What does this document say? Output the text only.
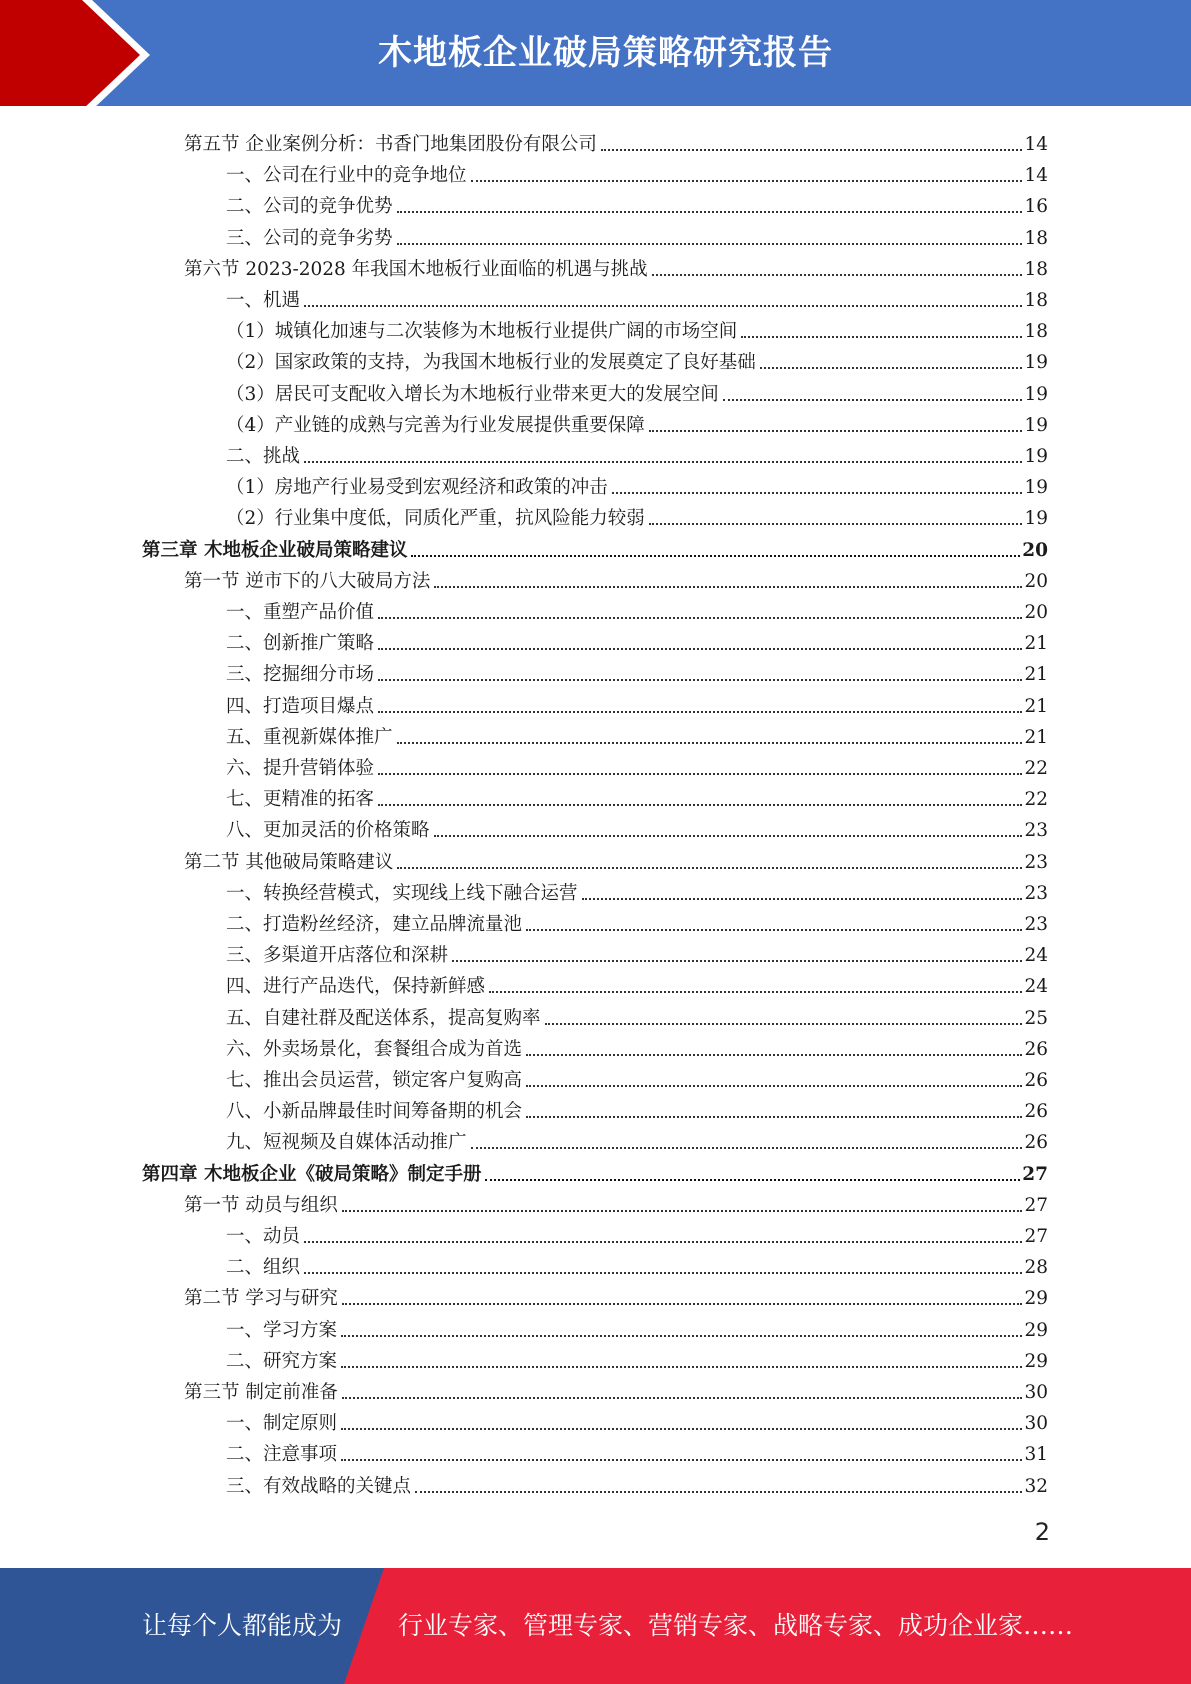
木地板企业破局策略研究报告
第五节 企业案例分析：书香门地集团股份有限公司	14
一、公司在行业中的竞争地位	14
二、公司的竞争优势	16
三、公司的竞争劣势	18
第六节 2023-2028 年我国木地板行业面临的机遇与挑战	18
一、机遇	18
（1）城镇化加速与二次装修为木地板行业提供广阔的市场空间	18
（2）国家政策的支持，为我国木地板行业的发展奠定了良好基础	19
（3）居民可支配收入增长为木地板行业带来更大的发展空间	19
（4）产业链的成熟与完善为行业发展提供重要保障	19
二、挑战	19
（1）房地产行业易受到宏观经济和政策的冲击	19
（2）行业集中度低，同质化严重，抗风险能力较弱	19
第三章 木地板企业破局策略建议	20
第一节 逆市下的八大破局方法	20
一、重塑产品价值	20
二、创新推广策略	21
三、挖掘细分市场	21
四、打造项目爆点	21
五、重视新媒体推广	21
六、提升营销体验	22
七、更精准的拓客	22
八、更加灵活的价格策略	23
第二节 其他破局策略建议	23
一、转换经营模式，实现线上线下融合运营	23
二、打造粉丝经济，建立品牌流量池	23
三、多渠道开店落位和深耕	24
四、进行产品迭代，保持新鲜感	24
五、自建社群及配送体系，提高复购率	25
六、外卖场景化，套餐组合成为首选	26
七、推出会员运营，锁定客户复购高	26
八、小新品牌最佳时间筹备期的机会	26
九、短视频及自媒体活动推广	26
第四章 木地板企业《破局策略》制定手册	27
第一节 动员与组织	27
一、动员	27
二、组织	28
第二节 学习与研究	29
一、学习方案	29
二、研究方案	29
第三节 制定前准备	30
一、制定原则	30
二、注意事项	31
三、有效战略的关键点	32
2
让每个人都能成为 行业专家、管理专家、营销专家、战略专家、成功企业家……
